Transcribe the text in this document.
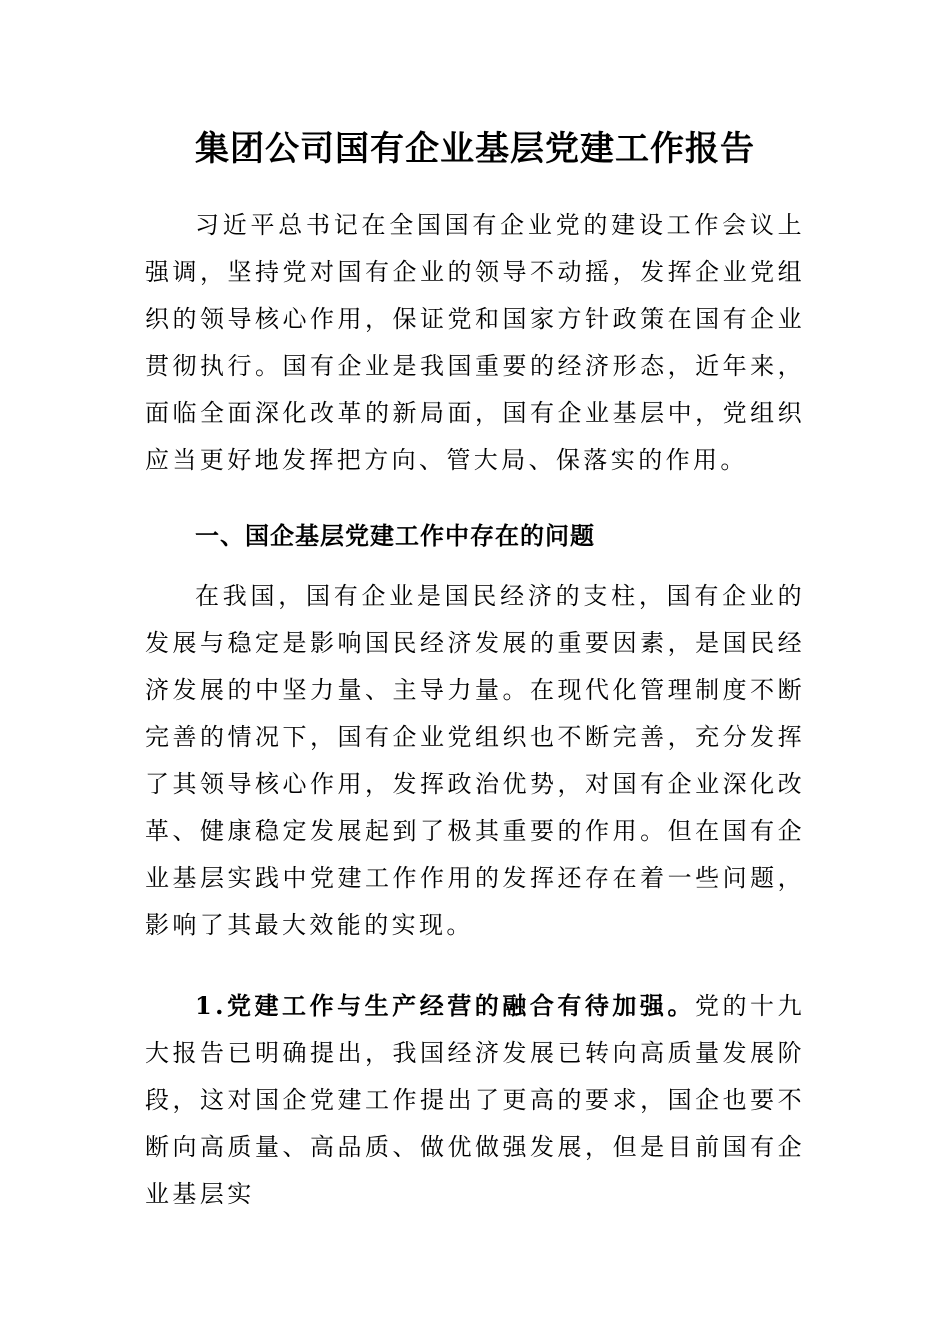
集团公司国有企业基层党建工作报告

习近平总书记在全国国有企业党的建设工作会议上强调，坚持党对国有企业的领导不动摇，发挥企业党组织的领导核心作用，保证党和国家方针政策在国有企业贯彻执行。国有企业是我国重要的经济形态，近年来，面临全面深化改革的新局面，国有企业基层中，党组织应当更好地发挥把方向、管大局、保落实的作用。

一、国企基层党建工作中存在的问题

在我国，国有企业是国民经济的支柱，国有企业的发展与稳定是影响国民经济发展的重要因素，是国民经济发展的中坚力量、主导力量。在现代化管理制度不断完善的情况下，国有企业党组织也不断完善，充分发挥了其领导核心作用，发挥政治优势，对国有企业深化改革、健康稳定发展起到了极其重要的作用。但在国有企业基层实践中党建工作作用的发挥还存在着一些问题，影响了其最大效能的实现。

1.党建工作与生产经营的融合有待加强。党的十九大报告已明确提出，我国经济发展已转向高质量发展阶段，这对国企党建工作提出了更高的要求，国企也要不断向高质量、高品质、做优做强发展，但是目前国有企业基层实
